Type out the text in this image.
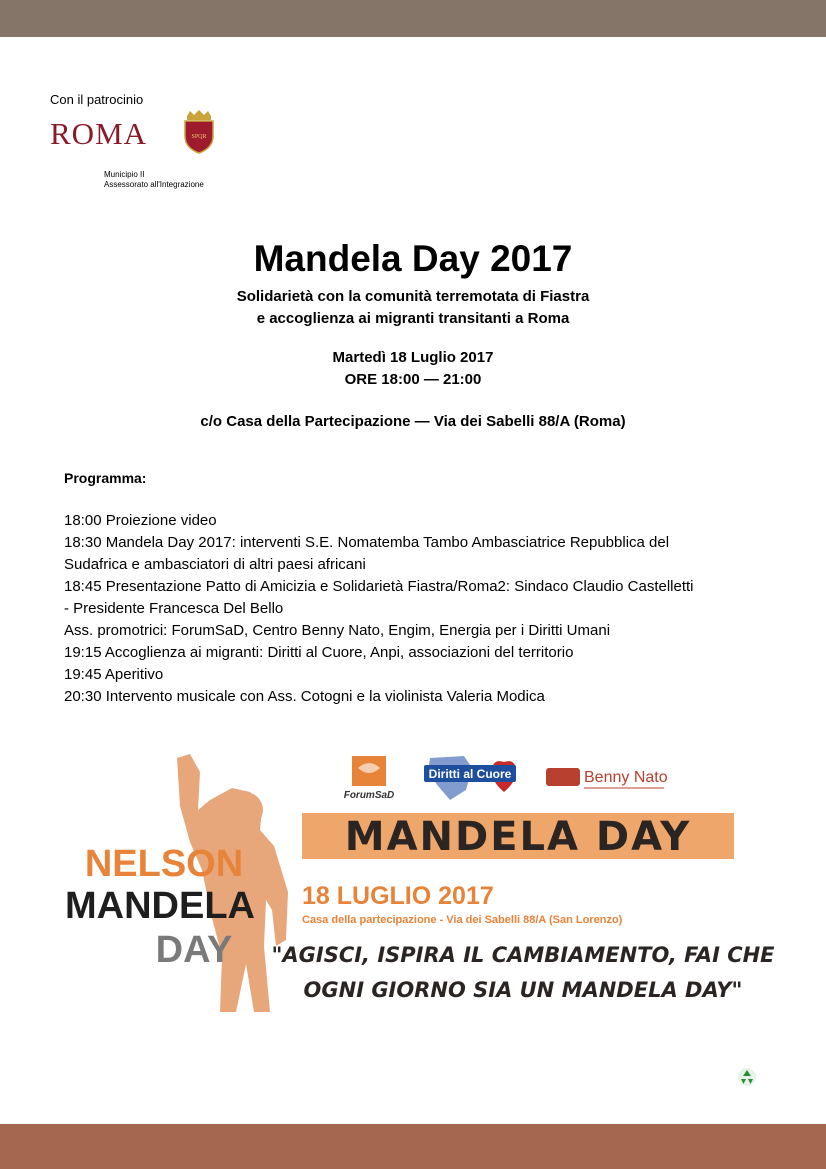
Con il patrocinio
ROMA	SPQR
Municipio II
Assessorato all'Integrazione
Mandela Day 2017
Solidarietà con la comunità terremotata di Fiastra
e accoglienza ai migranti transitanti a Roma
Martedì 18 Luglio 2017
ORE 18:00 — 21:00
c/o Casa della Partecipazione — Via dei Sabelli 88/A (Roma)
Programma:
18:00 Proiezione video
18:30 Mandela Day 2017: interventi S.E. Nomatemba Tambo Ambasciatrice Repubblica del
Sudafrica e ambasciatori di altri paesi africani
18:45 Presentazione Patto di Amicizia e Solidarietà Fiastra/Roma2: Sindaco Claudio Castelletti
- Presidente Francesca Del Bello
Ass. promotrici: ForumSaD, Centro Benny Nato, Engim, Energia per i Diritti Umani
19:15 Accoglienza ai migranti: Diritti al Cuore, Anpi, associazioni del territorio
19:45 Aperitivo
20:30 Intervento musicale con Ass. Cotogni e la violinista Valeria Modica
NELSON
MANDELA
DAY
ForumSaD
Diritti al Cuore	Benny Nato
MANDELA DAY
18 LUGLIO 2017
Casa della partecipazione - Via dei Sabelli 88/A (San Lorenzo)
"AGISCI, ISPIRA IL CAMBIAMENTO, FAI CHE
OGNI GIORNO SIA UN MANDELA DAY"
